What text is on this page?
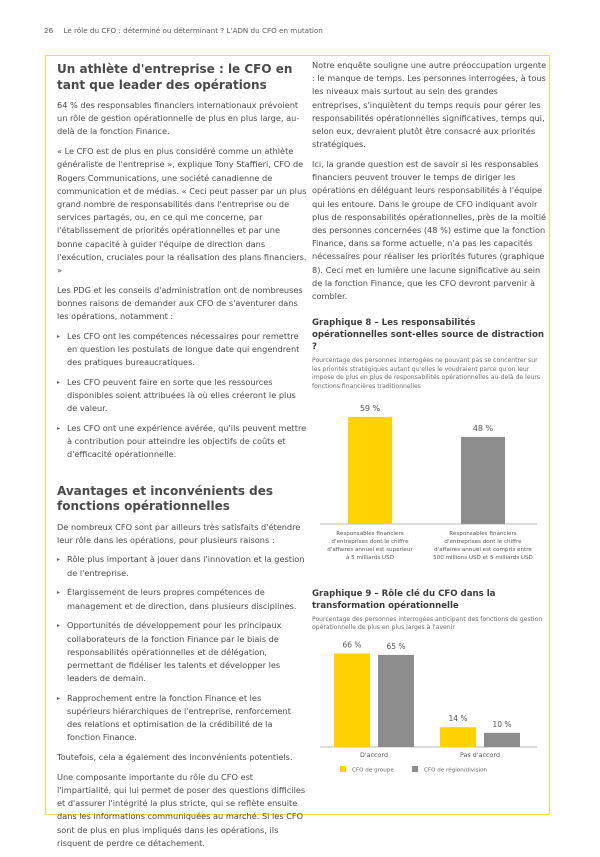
26 Le rôle du CFO : déterminé ou déterminant ? L'ADN du CFO en mutation
Un athlète d'entreprise : le CFO en tant que leader des opérations

64 % des responsables financiers internationaux prévoient un rôle de gestion opérationnelle de plus en plus large, au-delà de la fonction Finance.

« Le CFO est de plus en plus considéré comme un athlète généraliste de l'entreprise », explique Tony Staffieri, CFO de Rogers Communications, une société canadienne de communication et de médias. « Ceci peut passer par un plus grand nombre de responsabilités dans l'entreprise ou de services partagés, ou, en ce qui me concerne, par l'établissement de priorités opérationnelles et par une bonne capacité à guider l'équipe de direction dans l'exécution, cruciales pour la réalisation des plans financiers. »

Les PDG et les conseils d'administration ont de nombreuses bonnes raisons de demander aux CFO de s'aventurer dans les opérations, notamment :

▸ Les CFO ont les compétences nécessaires pour remettre en question les postulats de longue date qui engendrent des pratiques bureaucratiques.
▸ Les CFO peuvent faire en sorte que les ressources disponibles soient attribuées là où elles créeront le plus de valeur.
▸ Les CFO ont une expérience avérée, qu'ils peuvent mettre à contribution pour atteindre les objectifs de coûts et d'efficacité opérationnelle.
Avantages et inconvénients des fonctions opérationnelles

De nombreux CFO sont par ailleurs très satisfaits d'étendre leur rôle dans les opérations, pour plusieurs raisons :

▸ Rôle plus important à jouer dans l'innovation et la gestion de l'entreprise.
▸ Élargissement de leurs propres compétences de management et de direction, dans plusieurs disciplines.
▸ Opportunités de développement pour les principaux collaborateurs de la fonction Finance par le biais de responsabilités opérationnelles et de délégation, permettant de fidéliser les talents et développer les leaders de demain.
▸ Rapprochement entre la fonction Finance et les supérieurs hiérarchiques de l'entreprise, renforcement des relations et optimisation de la crédibilité de la fonction Finance.

Toutefois, cela a également des inconvénients potentiels.

Une composante importante du rôle du CFO est l'impartialité, qui lui permet de poser des questions difficiles et d'assurer l'intégrité la plus stricte, qui se reflète ensuite dans les informations communiquées au marché. Si les CFO sont de plus en plus impliqués dans les opérations, ils risquent de perdre ce détachement.

Notre enquête souligne une autre préoccupation urgente : le manque de temps. Les personnes interrogées, à tous les niveaux mais surtout au sein des grandes entreprises, s'inquiètent du temps requis pour gérer les responsabilités opérationnelles significatives, temps qui, selon eux, devraient plutôt être consacré aux priorités stratégiques.

Ici, la grande question est de savoir si les responsables financiers peuvent trouver le temps de diriger les opérations en déléguant leurs responsabilités à l'équipe qui les entoure. Dans le groupe de CFO indiquant avoir plus de responsabilités opérationnelles, près de la moitié des personnes concernées (48 %) estime que la fonction Finance, dans sa forme actuelle, n'a pas les capacités nécessaires pour réaliser les priorités futures (graphique 8). Ceci met en lumière une lacune significative au sein de la fonction Finance, que les CFO devront parvenir à combler.

Graphique 8 – Les responsabilités opérationnelles sont-elles source de distraction ?
Pourcentage des personnes interrogées ne pouvant pas se concentrer sur les priorités stratégiques autant qu'elles le voudraient parce qu'on leur impose de plus en plus de responsabilités opérationnelles au-delà de leurs fonctions financières traditionnelles
59 %
Responsables financiers
d'entreprises dont le chiffre
d'affaires annuel est supérieur
à 5 milliards USD
48 %
Responsables financiers
d'entreprises dont le chiffre
d'affaires annuel est compris entre
500 millions USD et 5 milliards USD
Graphique 9 – Rôle clé du CFO dans la transformation opérationnelle
Pourcentage des personnes interrogées anticipant des fonctions de gestion opérationnelle de plus en plus larges à l'avenir
66 %	65 %
D'accord
14 %
10 %
Pas d'accord
CFO de groupe	CFO de région/division
